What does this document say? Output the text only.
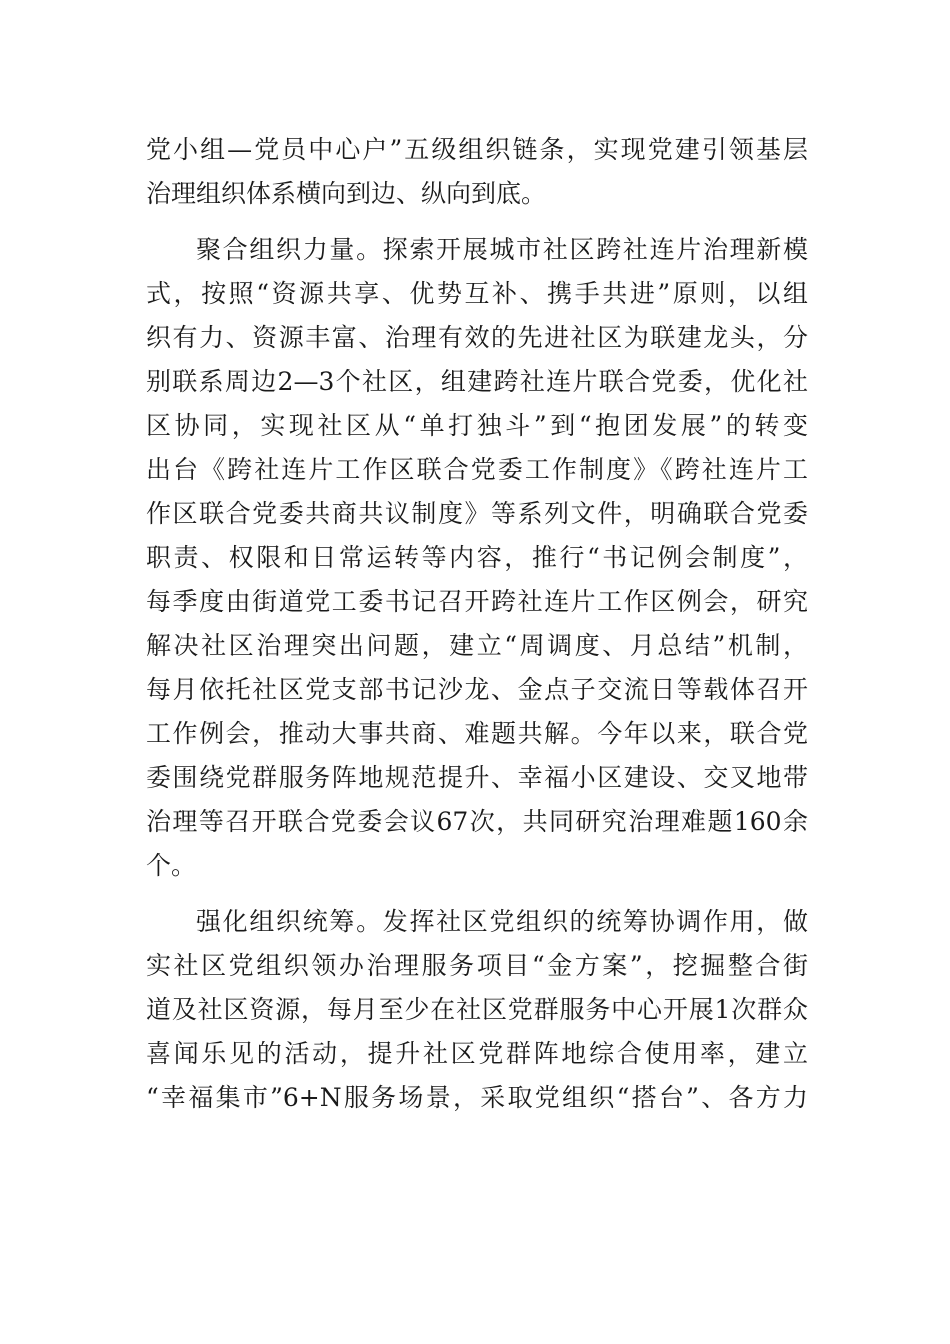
党小组—党员中心户”五级组织链条，实现党建引领基层
治理组织体系横向到边、纵向到底。
聚合组织力量。探索开展城市社区跨社连片治理新模
式，按照“资源共享、优势互补、携手共进”原则，以组
织有力、资源丰富、治理有效的先进社区为联建龙头，分
别联系周边2—3个社区，组建跨社连片联合党委，优化社
区协同，实现社区从“单打独斗”到“抱团发展”的转变
出台《跨社连片工作区联合党委工作制度》《跨社连片工
作区联合党委共商共议制度》等系列文件，明确联合党委
职责、权限和日常运转等内容，推行“书记例会制度”，
每季度由街道党工委书记召开跨社连片工作区例会，研究
解决社区治理突出问题，建立“周调度、月总结”机制，
每月依托社区党支部书记沙龙、金点子交流日等载体召开
工作例会，推动大事共商、难题共解。今年以来，联合党
委围绕党群服务阵地规范提升、幸福小区建设、交叉地带
治理等召开联合党委会议67次，共同研究治理难题160余
个。
强化组织统筹。发挥社区党组织的统筹协调作用，做
实社区党组织领办治理服务项目“金方案”，挖掘整合街
道及社区资源，每月至少在社区党群服务中心开展1次群众
喜闻乐见的活动，提升社区党群阵地综合使用率，建立
“幸福集市”6+N服务场景，采取党组织“搭台”、各方力
